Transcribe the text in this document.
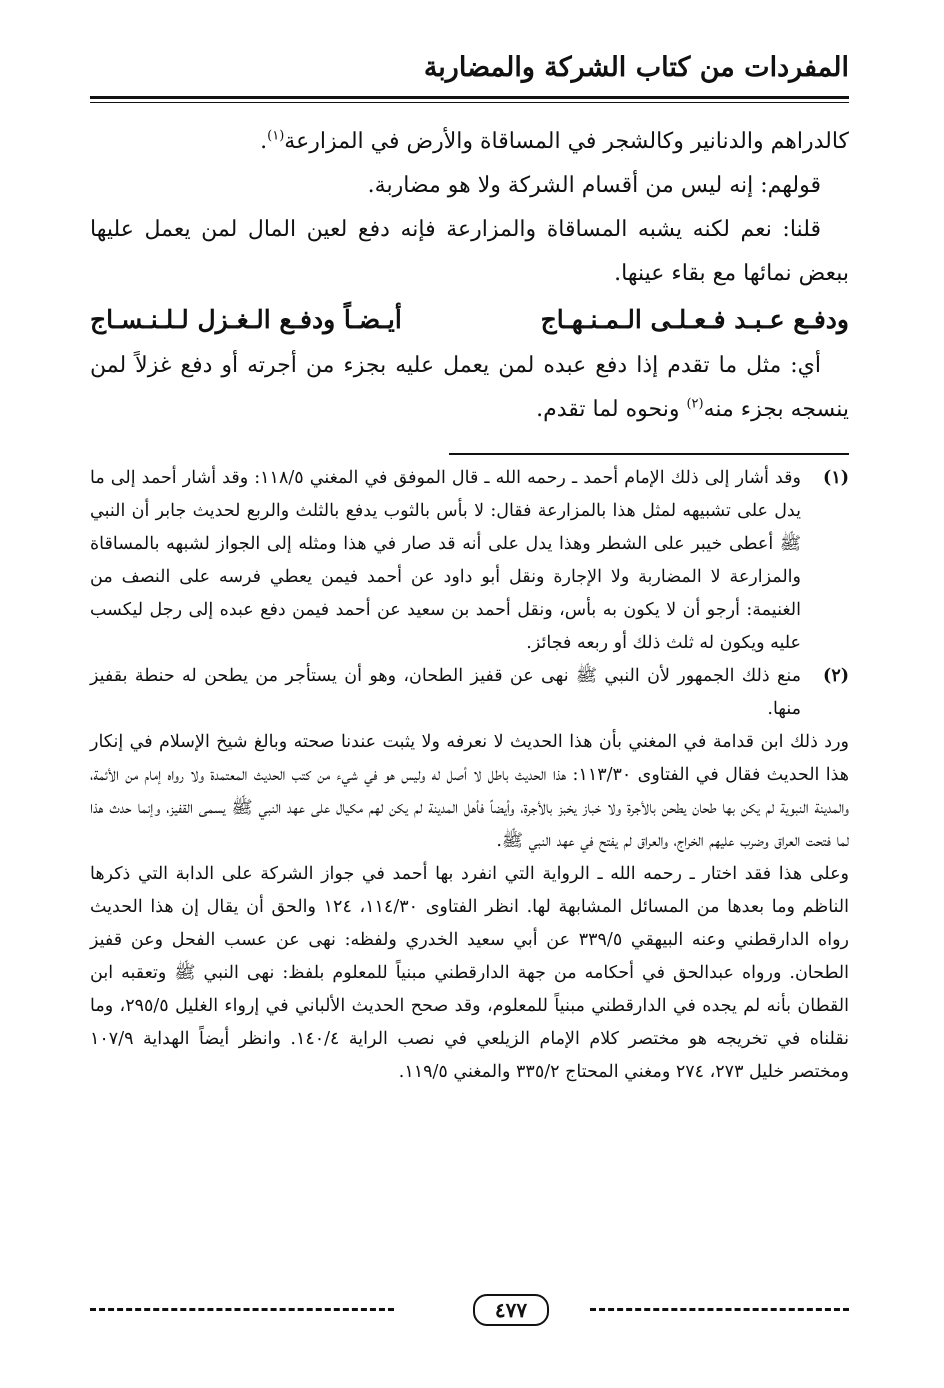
المفردات من كتاب الشركة والمضاربة

كالدراهم والدنانير وكالشجر في المساقاة والأرض في المزارعة$^{(١)}$.

قولهم: إنه ليس من أقسام الشركة ولا هو مضاربة.

قلنا: نعم لكنه يشبه المساقاة والمزارعة فإنه دفع لعين المال لمن يعمل عليها ببعض نمائها مع بقاء عينها.

ودفـع عـبـد فـعـلـى الـمـنـهـاج
أيـضـاً ودفـع الـغـزل لـلـنـسـاج

أي: مثل ما تقدم إذا دفع عبده لمن يعمل عليه بجزء من أجرته أو دفع غزلاً لمن ينسجه بجزء منه$^{(٢)}$ ونحوه لما تقدم.

(١)

وقد أشار إلى ذلك الإمام أحمد ـ رحمه الله ـ قال الموفق في المغني ١١٨/٥: وقد أشار أحمد إلى ما يدل على تشبيهه لمثل هذا بالمزارعة فقال: لا بأس بالثوب يدفع بالثلث والربع لحديث جابر أن النبي ﷺ أعطى خيبر على الشطر وهذا يدل على أنه قد صار في هذا ومثله إلى الجواز لشبهه بالمساقاة والمزارعة لا المضاربة ولا الإجارة ونقل أبو داود عن أحمد فيمن يعطي فرسه على النصف من الغنيمة: أرجو أن لا يكون به بأس، ونقل أحمد بن سعيد عن أحمد فيمن دفع عبده إلى رجل ليكسب عليه ويكون له ثلث ذلك أو ربعه فجائز.

(٢)

منع ذلك الجمهور لأن النبي ﷺ نهى عن قفيز الطحان، وهو أن يستأجر من يطحن له حنطة بقفيز منها.

ورد ذلك ابن قدامة في المغني بأن هذا الحديث لا نعرفه ولا يثبت عندنا صحته وبالغ شيخ الإسلام في إنكار هذا الحديث فقال في الفتاوى ١١٣/٣٠: هذا الحديث باطل لا أصل له وليس هو في شيء من كتب الحديث المعتمدة ولا رواه إمام من الأئمة، والمدينة النبوية لم يكن بها طحان يطحن بالأجرة ولا خباز يخبز بالأجرة، وأيضاً فأهل المدينة لم يكن لهم مكيال على عهد النبي ﷺ يسمى القفيز، وإنما حدث هذا لما فتحت العراق وضرب عليهم الخراج، والعراق لم يفتح في عهد النبي ﷺ.

وعلى هذا فقد اختار ـ رحمه الله ـ الرواية التي انفرد بها أحمد في جواز الشركة على الدابة التي ذكرها الناظم وما بعدها من المسائل المشابهة لها. انظر الفتاوى ١١٤/٣٠، ١٢٤ والحق أن يقال إن هذا الحديث رواه الدارقطني وعنه البيهقي ٣٣٩/٥ عن أبي سعيد الخدري ولفظه: نهى عن عسب الفحل وعن قفيز الطحان. ورواه عبدالحق في أحكامه من جهة الدارقطني مبنياً للمعلوم بلفظ: نهى النبي ﷺ وتعقبه ابن القطان بأنه لم يجده في الدارقطني مبنياً للمعلوم، وقد صحح الحديث الألباني في إرواء الغليل ٢٩٥/٥، وما نقلناه في تخريجه هو مختصر كلام الإمام الزيلعي في نصب الراية ١٤٠/٤. وانظر أيضاً الهداية ١٠٧/٩ ومختصر خليل ٢٧٣، ٢٧٤ ومغني المحتاج ٣٣٥/٢ والمغني ١١٩/٥.

٤٧٧
